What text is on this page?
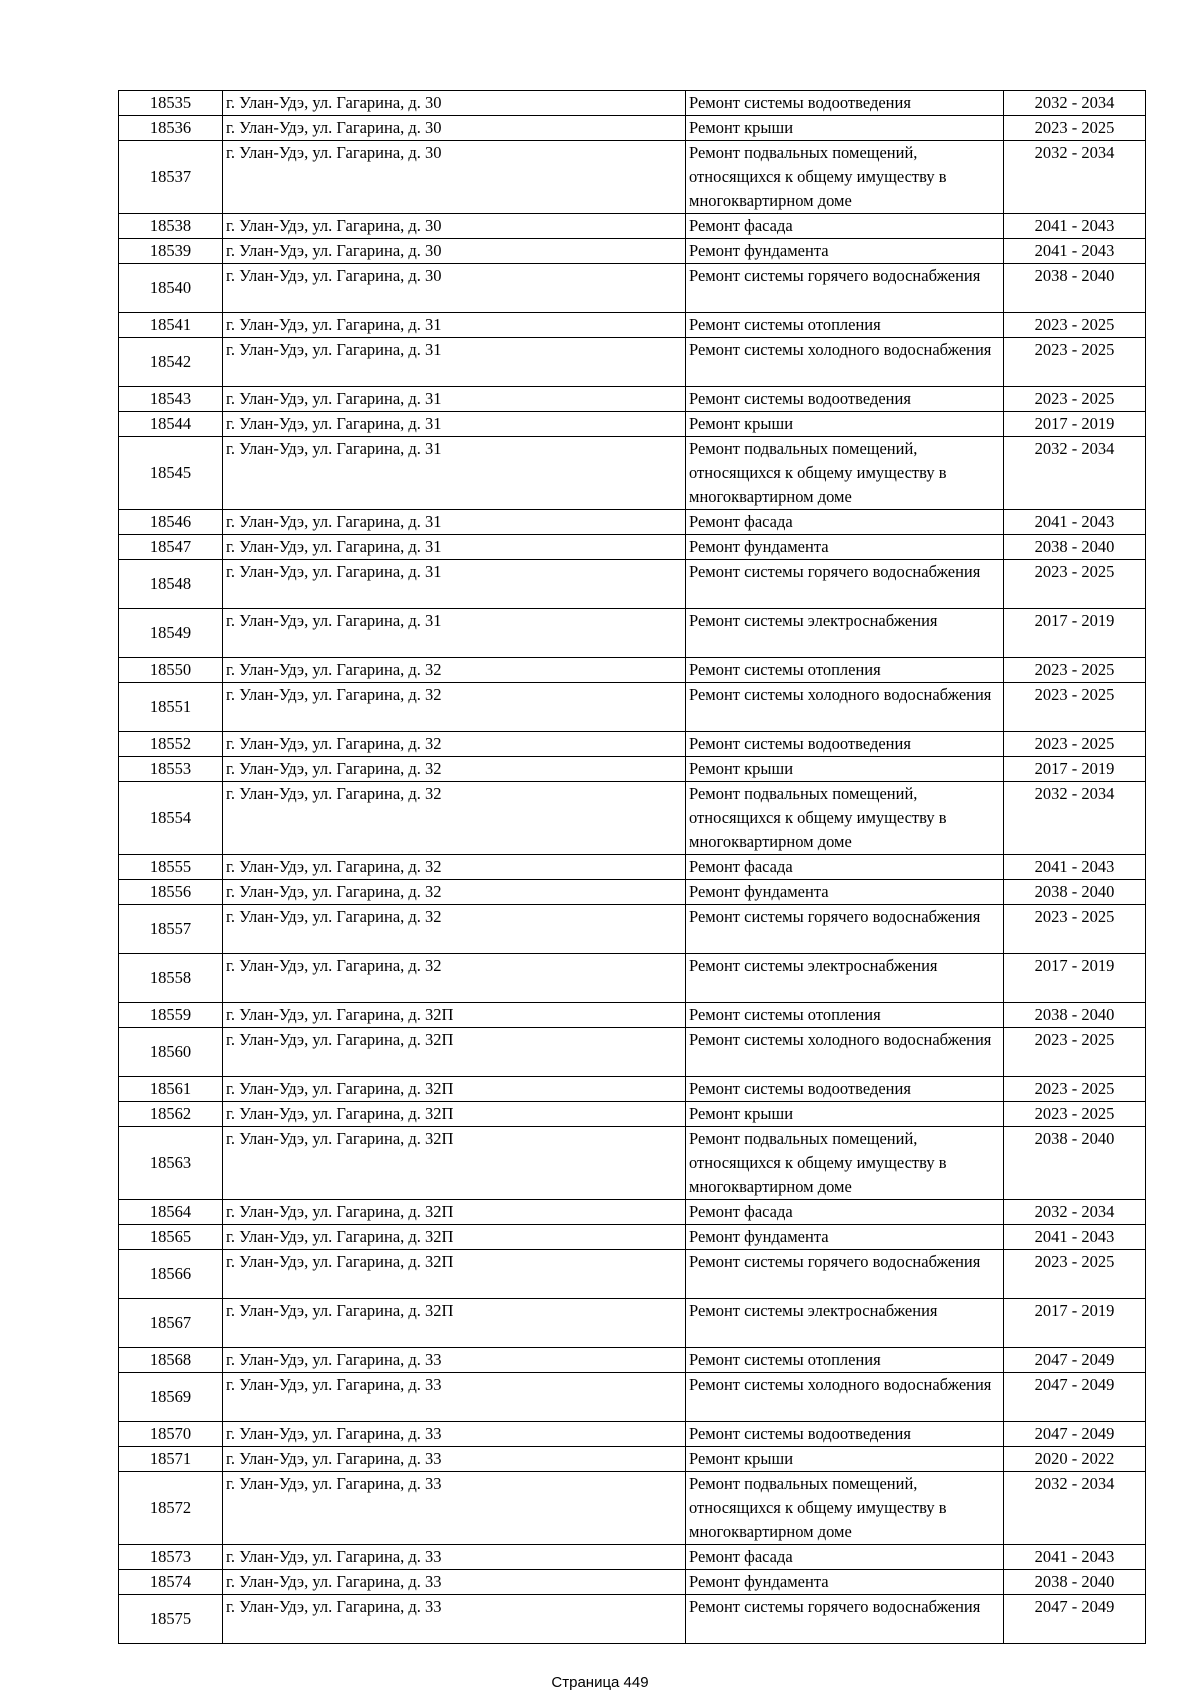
18535	г. Улан-Удэ, ул. Гагарина, д. 30	Ремонт системы водоотведения	2032 - 2034
18536	г. Улан-Удэ, ул. Гагарина, д. 30	Ремонт крыши	2023 - 2025
18537	г. Улан-Удэ, ул. Гагарина, д. 30	Ремонт подвальных помещений, относящихся к общему имуществу в многоквартирном доме	2032 - 2034
18538	г. Улан-Удэ, ул. Гагарина, д. 30	Ремонт фасада	2041 - 2043
18539	г. Улан-Удэ, ул. Гагарина, д. 30	Ремонт фундамента	2041 - 2043
18540	г. Улан-Удэ, ул. Гагарина, д. 30	Ремонт системы горячего водоснабжения	2038 - 2040
18541	г. Улан-Удэ, ул. Гагарина, д. 31	Ремонт системы отопления	2023 - 2025
18542	г. Улан-Удэ, ул. Гагарина, д. 31	Ремонт системы холодного водоснабжения	2023 - 2025
18543	г. Улан-Удэ, ул. Гагарина, д. 31	Ремонт системы водоотведения	2023 - 2025
18544	г. Улан-Удэ, ул. Гагарина, д. 31	Ремонт крыши	2017 - 2019
18545	г. Улан-Удэ, ул. Гагарина, д. 31	Ремонт подвальных помещений, относящихся к общему имуществу в многоквартирном доме	2032 - 2034
18546	г. Улан-Удэ, ул. Гагарина, д. 31	Ремонт фасада	2041 - 2043
18547	г. Улан-Удэ, ул. Гагарина, д. 31	Ремонт фундамента	2038 - 2040
18548	г. Улан-Удэ, ул. Гагарина, д. 31	Ремонт системы горячего водоснабжения	2023 - 2025
18549	г. Улан-Удэ, ул. Гагарина, д. 31	Ремонт системы электроснабжения	2017 - 2019
18550	г. Улан-Удэ, ул. Гагарина, д. 32	Ремонт системы отопления	2023 - 2025
18551	г. Улан-Удэ, ул. Гагарина, д. 32	Ремонт системы холодного водоснабжения	2023 - 2025
18552	г. Улан-Удэ, ул. Гагарина, д. 32	Ремонт системы водоотведения	2023 - 2025
18553	г. Улан-Удэ, ул. Гагарина, д. 32	Ремонт крыши	2017 - 2019
18554	г. Улан-Удэ, ул. Гагарина, д. 32	Ремонт подвальных помещений, относящихся к общему имуществу в многоквартирном доме	2032 - 2034
18555	г. Улан-Удэ, ул. Гагарина, д. 32	Ремонт фасада	2041 - 2043
18556	г. Улан-Удэ, ул. Гагарина, д. 32	Ремонт фундамента	2038 - 2040
18557	г. Улан-Удэ, ул. Гагарина, д. 32	Ремонт системы горячего водоснабжения	2023 - 2025
18558	г. Улан-Удэ, ул. Гагарина, д. 32	Ремонт системы электроснабжения	2017 - 2019
18559	г. Улан-Удэ, ул. Гагарина, д. 32П	Ремонт системы отопления	2038 - 2040
18560	г. Улан-Удэ, ул. Гагарина, д. 32П	Ремонт системы холодного водоснабжения	2023 - 2025
18561	г. Улан-Удэ, ул. Гагарина, д. 32П	Ремонт системы водоотведения	2023 - 2025
18562	г. Улан-Удэ, ул. Гагарина, д. 32П	Ремонт крыши	2023 - 2025
18563	г. Улан-Удэ, ул. Гагарина, д. 32П	Ремонт подвальных помещений, относящихся к общему имуществу в многоквартирном доме	2038 - 2040
18564	г. Улан-Удэ, ул. Гагарина, д. 32П	Ремонт фасада	2032 - 2034
18565	г. Улан-Удэ, ул. Гагарина, д. 32П	Ремонт фундамента	2041 - 2043
18566	г. Улан-Удэ, ул. Гагарина, д. 32П	Ремонт системы горячего водоснабжения	2023 - 2025
18567	г. Улан-Удэ, ул. Гагарина, д. 32П	Ремонт системы электроснабжения	2017 - 2019
18568	г. Улан-Удэ, ул. Гагарина, д. 33	Ремонт системы отопления	2047 - 2049
18569	г. Улан-Удэ, ул. Гагарина, д. 33	Ремонт системы холодного водоснабжения	2047 - 2049
18570	г. Улан-Удэ, ул. Гагарина, д. 33	Ремонт системы водоотведения	2047 - 2049
18571	г. Улан-Удэ, ул. Гагарина, д. 33	Ремонт крыши	2020 - 2022
18572	г. Улан-Удэ, ул. Гагарина, д. 33	Ремонт подвальных помещений, относящихся к общему имуществу в многоквартирном доме	2032 - 2034
18573	г. Улан-Удэ, ул. Гагарина, д. 33	Ремонт фасада	2041 - 2043
18574	г. Улан-Удэ, ул. Гагарина, д. 33	Ремонт фундамента	2038 - 2040
18575	г. Улан-Удэ, ул. Гагарина, д. 33	Ремонт системы горячего водоснабжения	2047 - 2049
Страница 449
